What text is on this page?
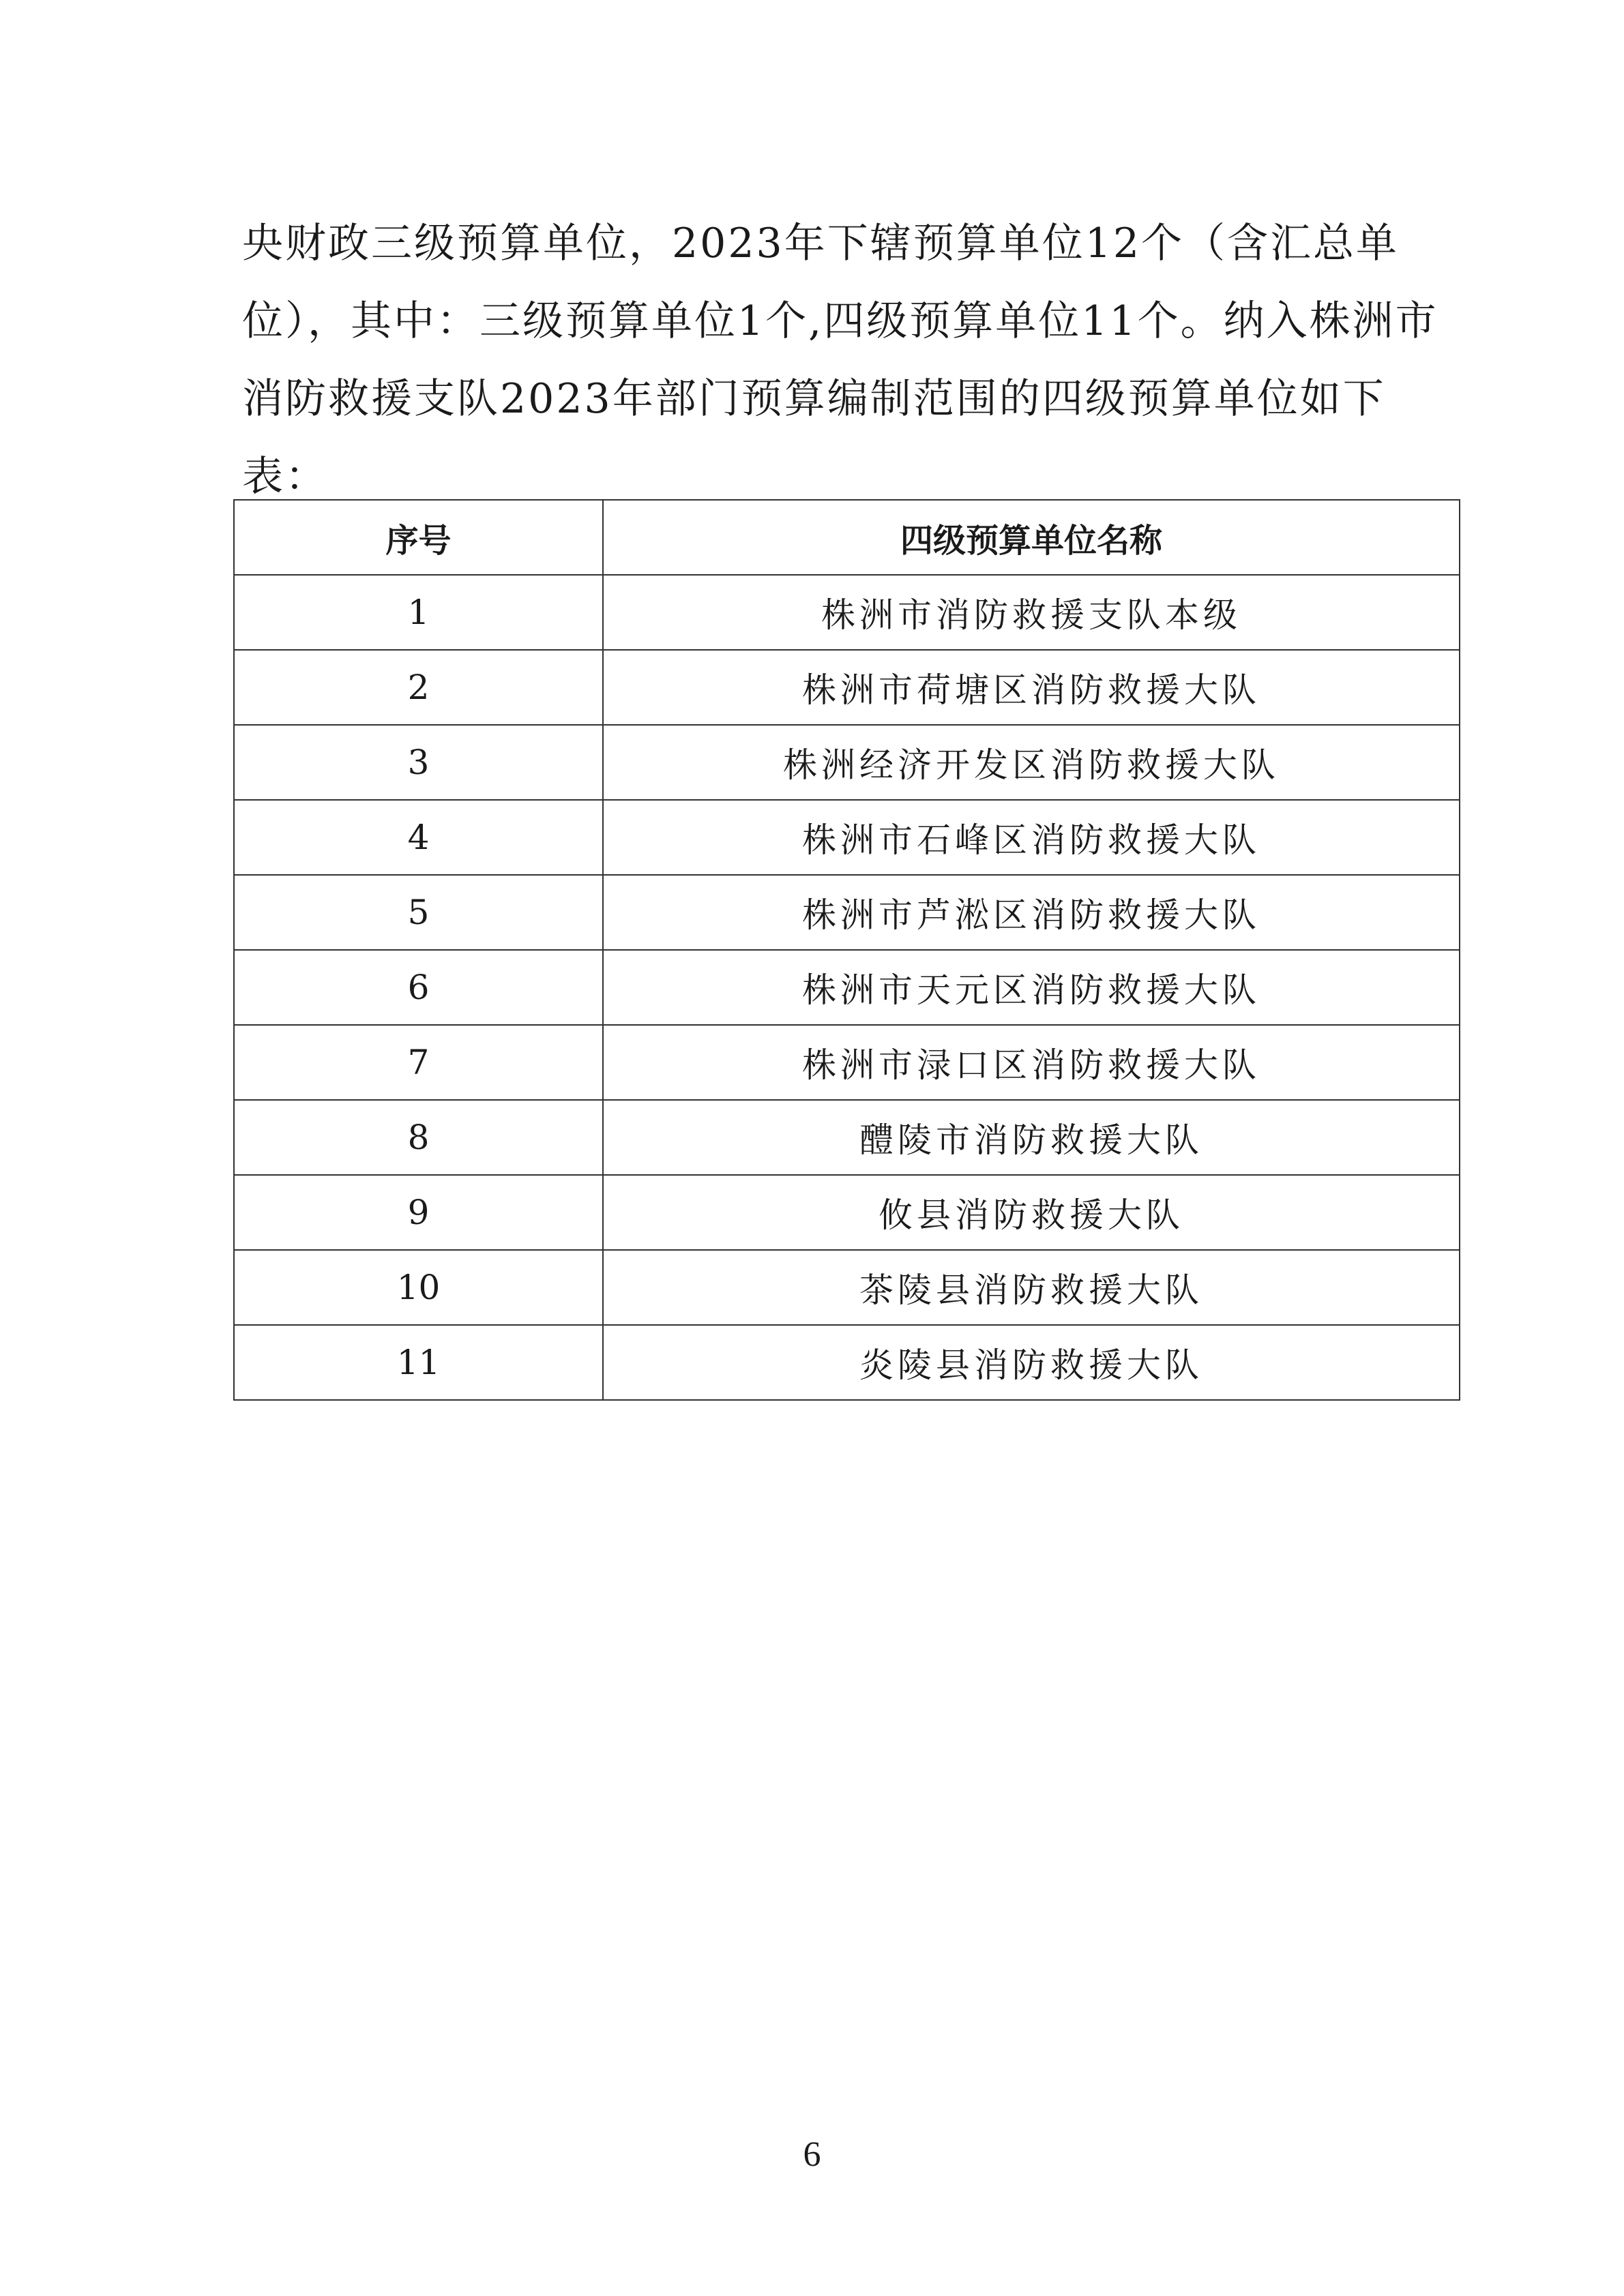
央财政三级预算单位，2023年下辖预算单位12个（含汇总单
位），其中：三级预算单位1个,四级预算单位11个。纳入株洲市
消防救援支队2023年部门预算编制范围的四级预算单位如下
表：
序号	四级预算单位名称
1	株洲市消防救援支队本级
2	株洲市荷塘区消防救援大队
3	株洲经济开发区消防救援大队
4	株洲市石峰区消防救援大队
5	株洲市芦淞区消防救援大队
6	株洲市天元区消防救援大队
7	株洲市渌口区消防救援大队
8	醴陵市消防救援大队
9	攸县消防救援大队
10	茶陵县消防救援大队
11	炎陵县消防救援大队
6
